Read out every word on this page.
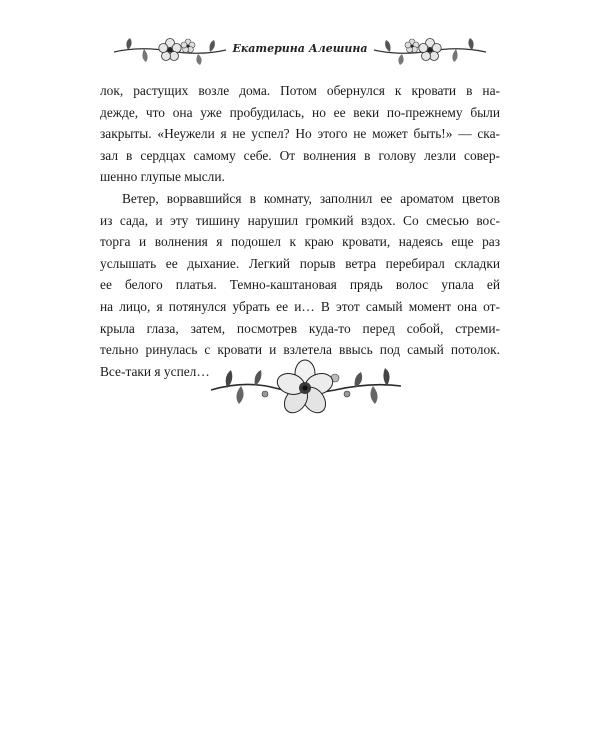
Екатерина Алешина
лок, растущих возле дома. Потом обернулся к кровати в на-
дежде, что она уже пробудилась, но ее веки по-прежнему были
закрыты. «Неужели я не успел? Но этого не может быть!» — ска-
зал в сердцах самому себе. От волнения в голову лезли совер-
шенно глупые мысли.
Ветер, ворвавшийся в комнату, заполнил ее ароматом цветов
из сада, и эту тишину нарушил громкий вздох. Со смесью вос-
торга и волнения я подошел к краю кровати, надеясь еще раз
услышать ее дыхание. Легкий порыв ветра перебирал складки
ее белого платья. Темно-каштановая прядь волос упала ей
на лицо, я потянулся убрать ее и… В этот самый момент она от-
крыла глаза, затем, посмотрев куда-то перед собой, стреми-
тельно ринулась с кровати и взлетела ввысь под самый потолок.
Все-таки я успел…
